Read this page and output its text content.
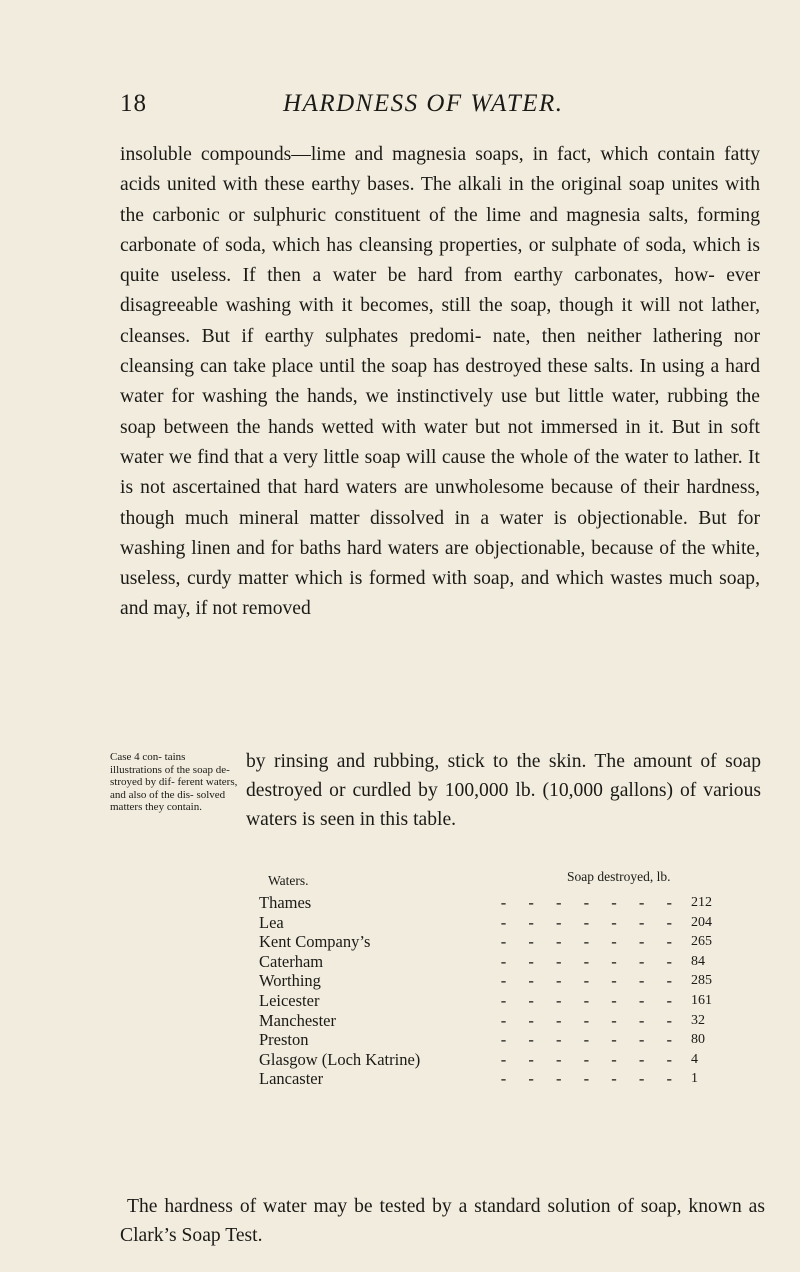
18	HARDNESS OF WATER.

insoluble compounds—lime and magnesia soaps, in fact, which contain fatty acids united with these earthy bases. The alkali in the original soap unites with the carbonic or sulphuric constituent of the lime and magnesia salts, forming carbonate of soda, which has cleansing properties, or sulphate of soda, which is quite useless. If then a water be hard from earthy carbonates, how- ever disagreeable washing with it becomes, still the soap, though it will not lather, cleanses. But if earthy sulphates predomi- nate, then neither lathering nor cleansing can take place until the soap has destroyed these salts. In using a hard water for washing the hands, we instinctively use but little water, rubbing the soap between the hands wetted with water but not immersed in it. But in soft water we find that a very little soap will cause the whole of the water to lather. It is not ascertained that hard waters are unwholesome because of their hardness, though much mineral matter dissolved in a water is objectionable. But for washing linen and for baths hard waters are objectionable, because of the white, useless, curdy matter which is formed with soap, and which wastes much soap, and may, if not removed

Case 4 con- tains illustrations of the soap de- stroyed by dif- ferent waters, and also of the dis- solved matters they contain.

by rinsing and rubbing, stick to the skin. The amount of soap destroyed or curdled by 100,000 lb. (10,000 gallons) of various waters is seen in this table.

Waters.	Soap destroyed, lb.
Thames	- - - - - - - 212
Lea	- - - - - - - 204
Kent Company’s	- - - - - - - 265
Caterham	- - - - - - - 84
Worthing	- - - - - - - 285
Leicester	- - - - - - - 161
Manchester	- - - - - - - 32
Preston	- - - - - - - 80
Glasgow (Loch Katrine)	- - - - - - - 4
Lancaster	- - - - - - - 1

The hardness of water may be tested by a standard solution of soap, known as Clark’s Soap Test.
